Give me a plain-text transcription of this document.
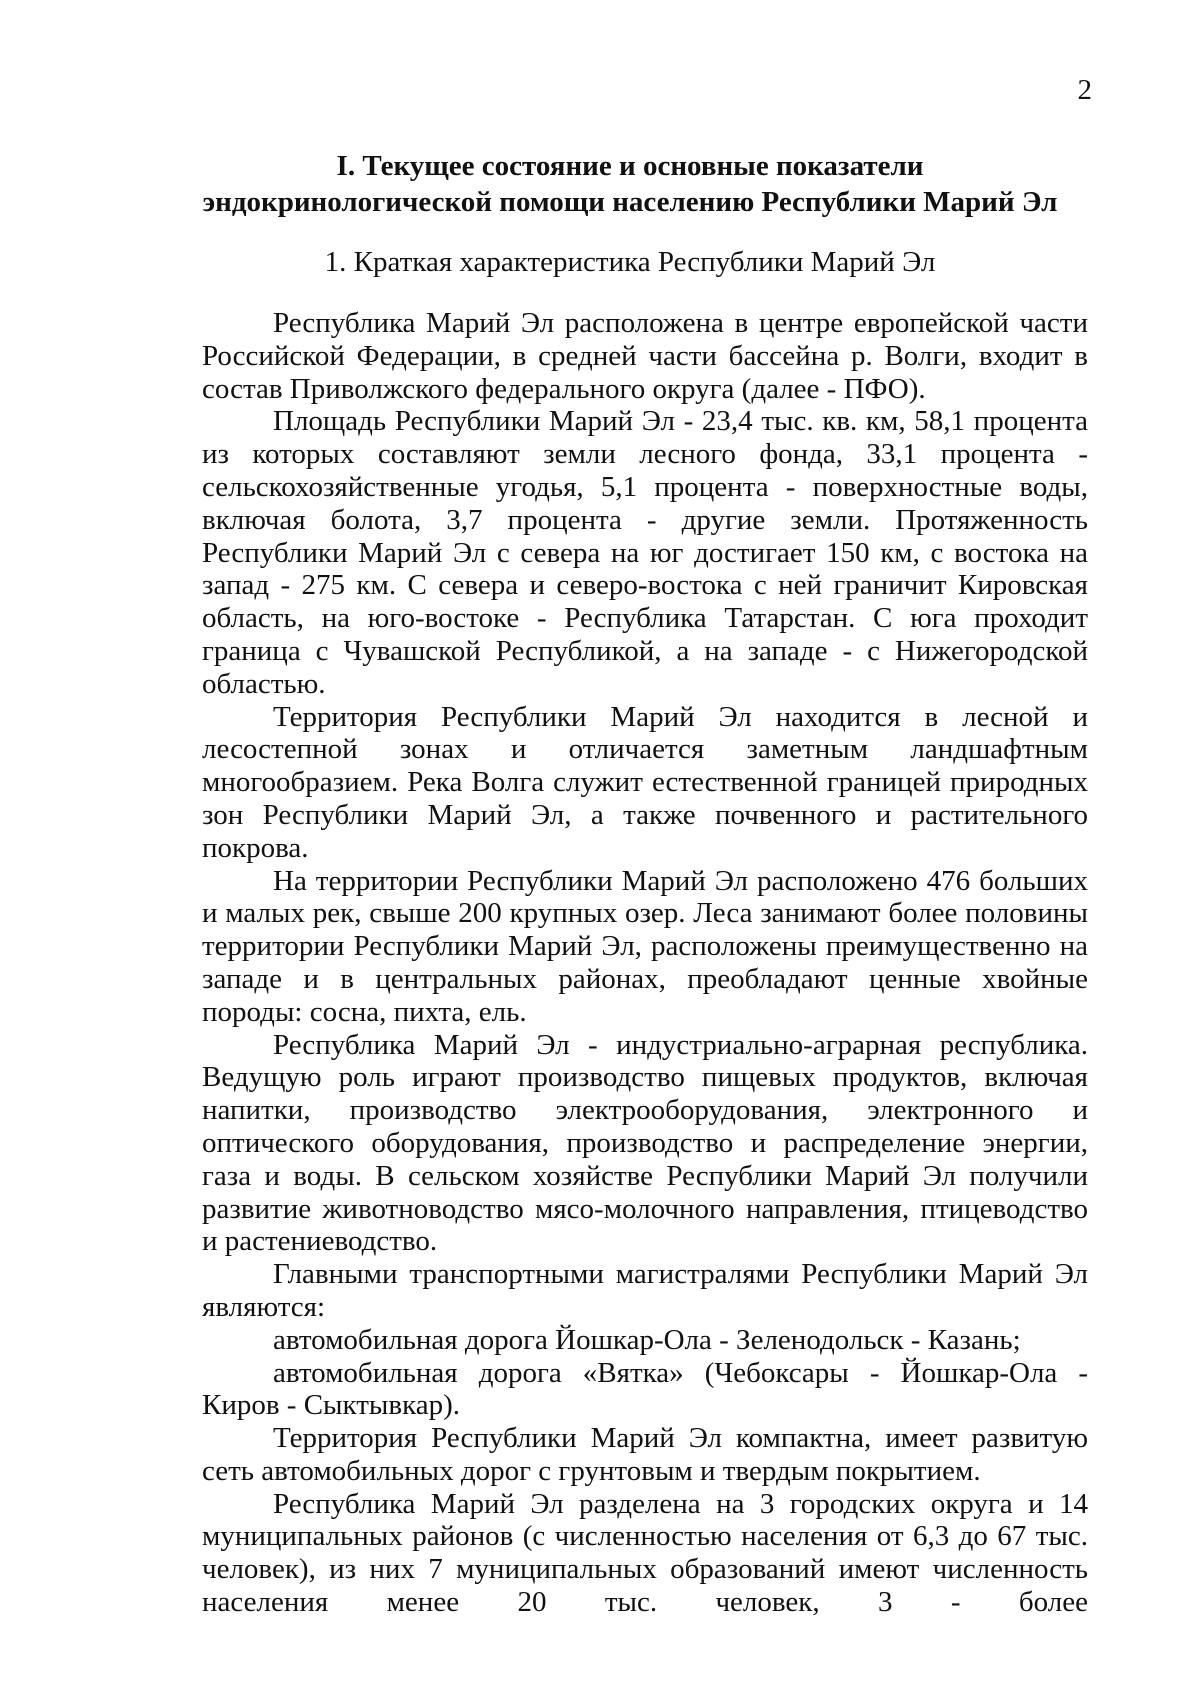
2
I. Текущее состояние и основные показатели
эндокринологической помощи населению Республики Марий Эл
1. Краткая характеристика Республики Марий Эл

Республика Марий Эл расположена в центре европейской части Российской Федерации, в средней части бассейна р. Волги, входит в состав Приволжского федерального округа (далее - ПФО).

Площадь Республики Марий Эл - 23,4 тыс. кв. км, 58,1 процента из которых составляют земли лесного фонда, 33,1 процента - сельскохозяйственные угодья, 5,1 процента - поверхностные воды, включая болота, 3,7 процента - другие земли. Протяженность Республики Марий Эл с севера на юг достигает 150 км, с востока на запад - 275 км. С севера и северо-востока с ней граничит Кировская область, на юго-востоке - Республика Татарстан. С юга проходит граница с Чувашской Республикой, а на западе - с Нижегородской областью.

Территория Республики Марий Эл находится в лесной и лесостепной зонах и отличается заметным ландшафтным многообразием. Река Волга служит естественной границей природных зон Республики Марий Эл, а также почвенного и растительного покрова.

На территории Республики Марий Эл расположено 476 больших и малых рек, свыше 200 крупных озер. Леса занимают более половины территории Республики Марий Эл, расположены преимущественно на западе и в центральных районах, преобладают ценные хвойные породы: сосна, пихта, ель.

Республика Марий Эл - индустриально-аграрная республика. Ведущую роль играют производство пищевых продуктов, включая напитки, производство электрооборудования, электронного и оптического оборудования, производство и распределение энергии, газа и воды. В сельском хозяйстве Республики Марий Эл получили развитие животноводство мясо-молочного направления, птицеводство и растениеводство.

Главными транспортными магистралями Республики Марий Эл являются:

автомобильная дорога Йошкар-Ола - Зеленодольск - Казань;

автомобильная дорога «Вятка» (Чебоксары - Йошкар-Ола - Киров - Сыктывкар).

Территория Республики Марий Эл компактна, имеет развитую сеть автомобильных дорог с грунтовым и твердым покрытием.

Республика Марий Эл разделена на 3 городских округа и 14 муниципальных районов (с численностью населения от 6,3 до 67 тыс. человек), из них 7 муниципальных образований имеют численность населения менее 20 тыс. человек, 3 - более
